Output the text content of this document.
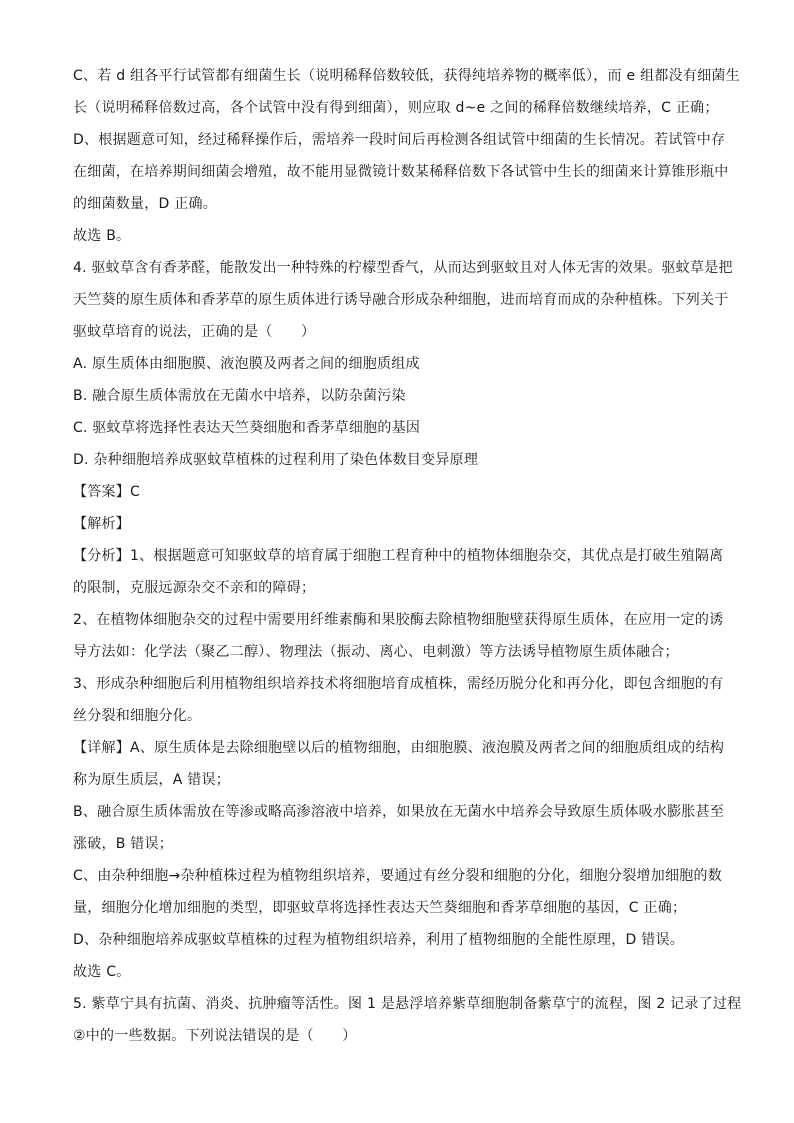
C、若 d 组各平行试管都有细菌生长（说明稀释倍数较低，获得纯培养物的概率低），而 e 组都没有细菌生
长（说明稀释倍数过高，各个试管中没有得到细菌），则应取 d~e 之间的稀释倍数继续培养，C 正确；
D、根据题意可知，经过稀释操作后，需培养一段时间后再检测各组试管中细菌的生长情况。若试管中存
在细菌，在培养期间细菌会增殖，故不能用显微镜计数某稀释倍数下各试管中生长的细菌来计算锥形瓶中
的细菌数量，D 正确。
故选 B。
4. 驱蚊草含有香茅醛，能散发出一种特殊的柠檬型香气，从而达到驱蚊且对人体无害的效果。驱蚊草是把
天竺葵的原生质体和香茅草的原生质体进行诱导融合形成杂种细胞，进而培育而成的杂种植株。下列关于
驱蚊草培育的说法，正确的是（　　）
A. 原生质体由细胞膜、液泡膜及两者之间的细胞质组成
B. 融合原生质体需放在无菌水中培养，以防杂菌污染
C. 驱蚊草将选择性表达天竺葵细胞和香茅草细胞的基因
D. 杂种细胞培养成驱蚊草植株的过程利用了染色体数目变异原理
【答案】C
【解析】
【分析】1、根据题意可知驱蚊草的培育属于细胞工程育种中的植物体细胞杂交，其优点是打破生殖隔离
的限制，克服远源杂交不亲和的障碍；
2、在植物体细胞杂交的过程中需要用纤维素酶和果胶酶去除植物细胞壁获得原生质体，在应用一定的诱
导方法如：化学法（聚乙二醇）、物理法（振动、离心、电刺激）等方法诱导植物原生质体融合；
3、形成杂种细胞后利用植物组织培养技术将细胞培育成植株，需经历脱分化和再分化，即包含细胞的有
丝分裂和细胞分化。
【详解】A、原生质体是去除细胞壁以后的植物细胞，由细胞膜、液泡膜及两者之间的细胞质组成的结构
称为原生质层，A 错误；
B、融合原生质体需放在等渗或略高渗溶液中培养，如果放在无菌水中培养会导致原生质体吸水膨胀甚至
涨破，B 错误；
C、由杂种细胞→杂种植株过程为植物组织培养，要通过有丝分裂和细胞的分化，细胞分裂增加细胞的数
量，细胞分化增加细胞的类型，即驱蚊草将选择性表达天竺葵细胞和香茅草细胞的基因，C 正确；
D、杂种细胞培养成驱蚊草植株的过程为植物组织培养，利用了植物细胞的全能性原理，D 错误。
故选 C。
5. 紫草宁具有抗菌、消炎、抗肿瘤等活性。图 1 是悬浮培养紫草细胞制备紫草宁的流程，图 2 记录了过程
②中的一些数据。下列说法错误的是（　　）
